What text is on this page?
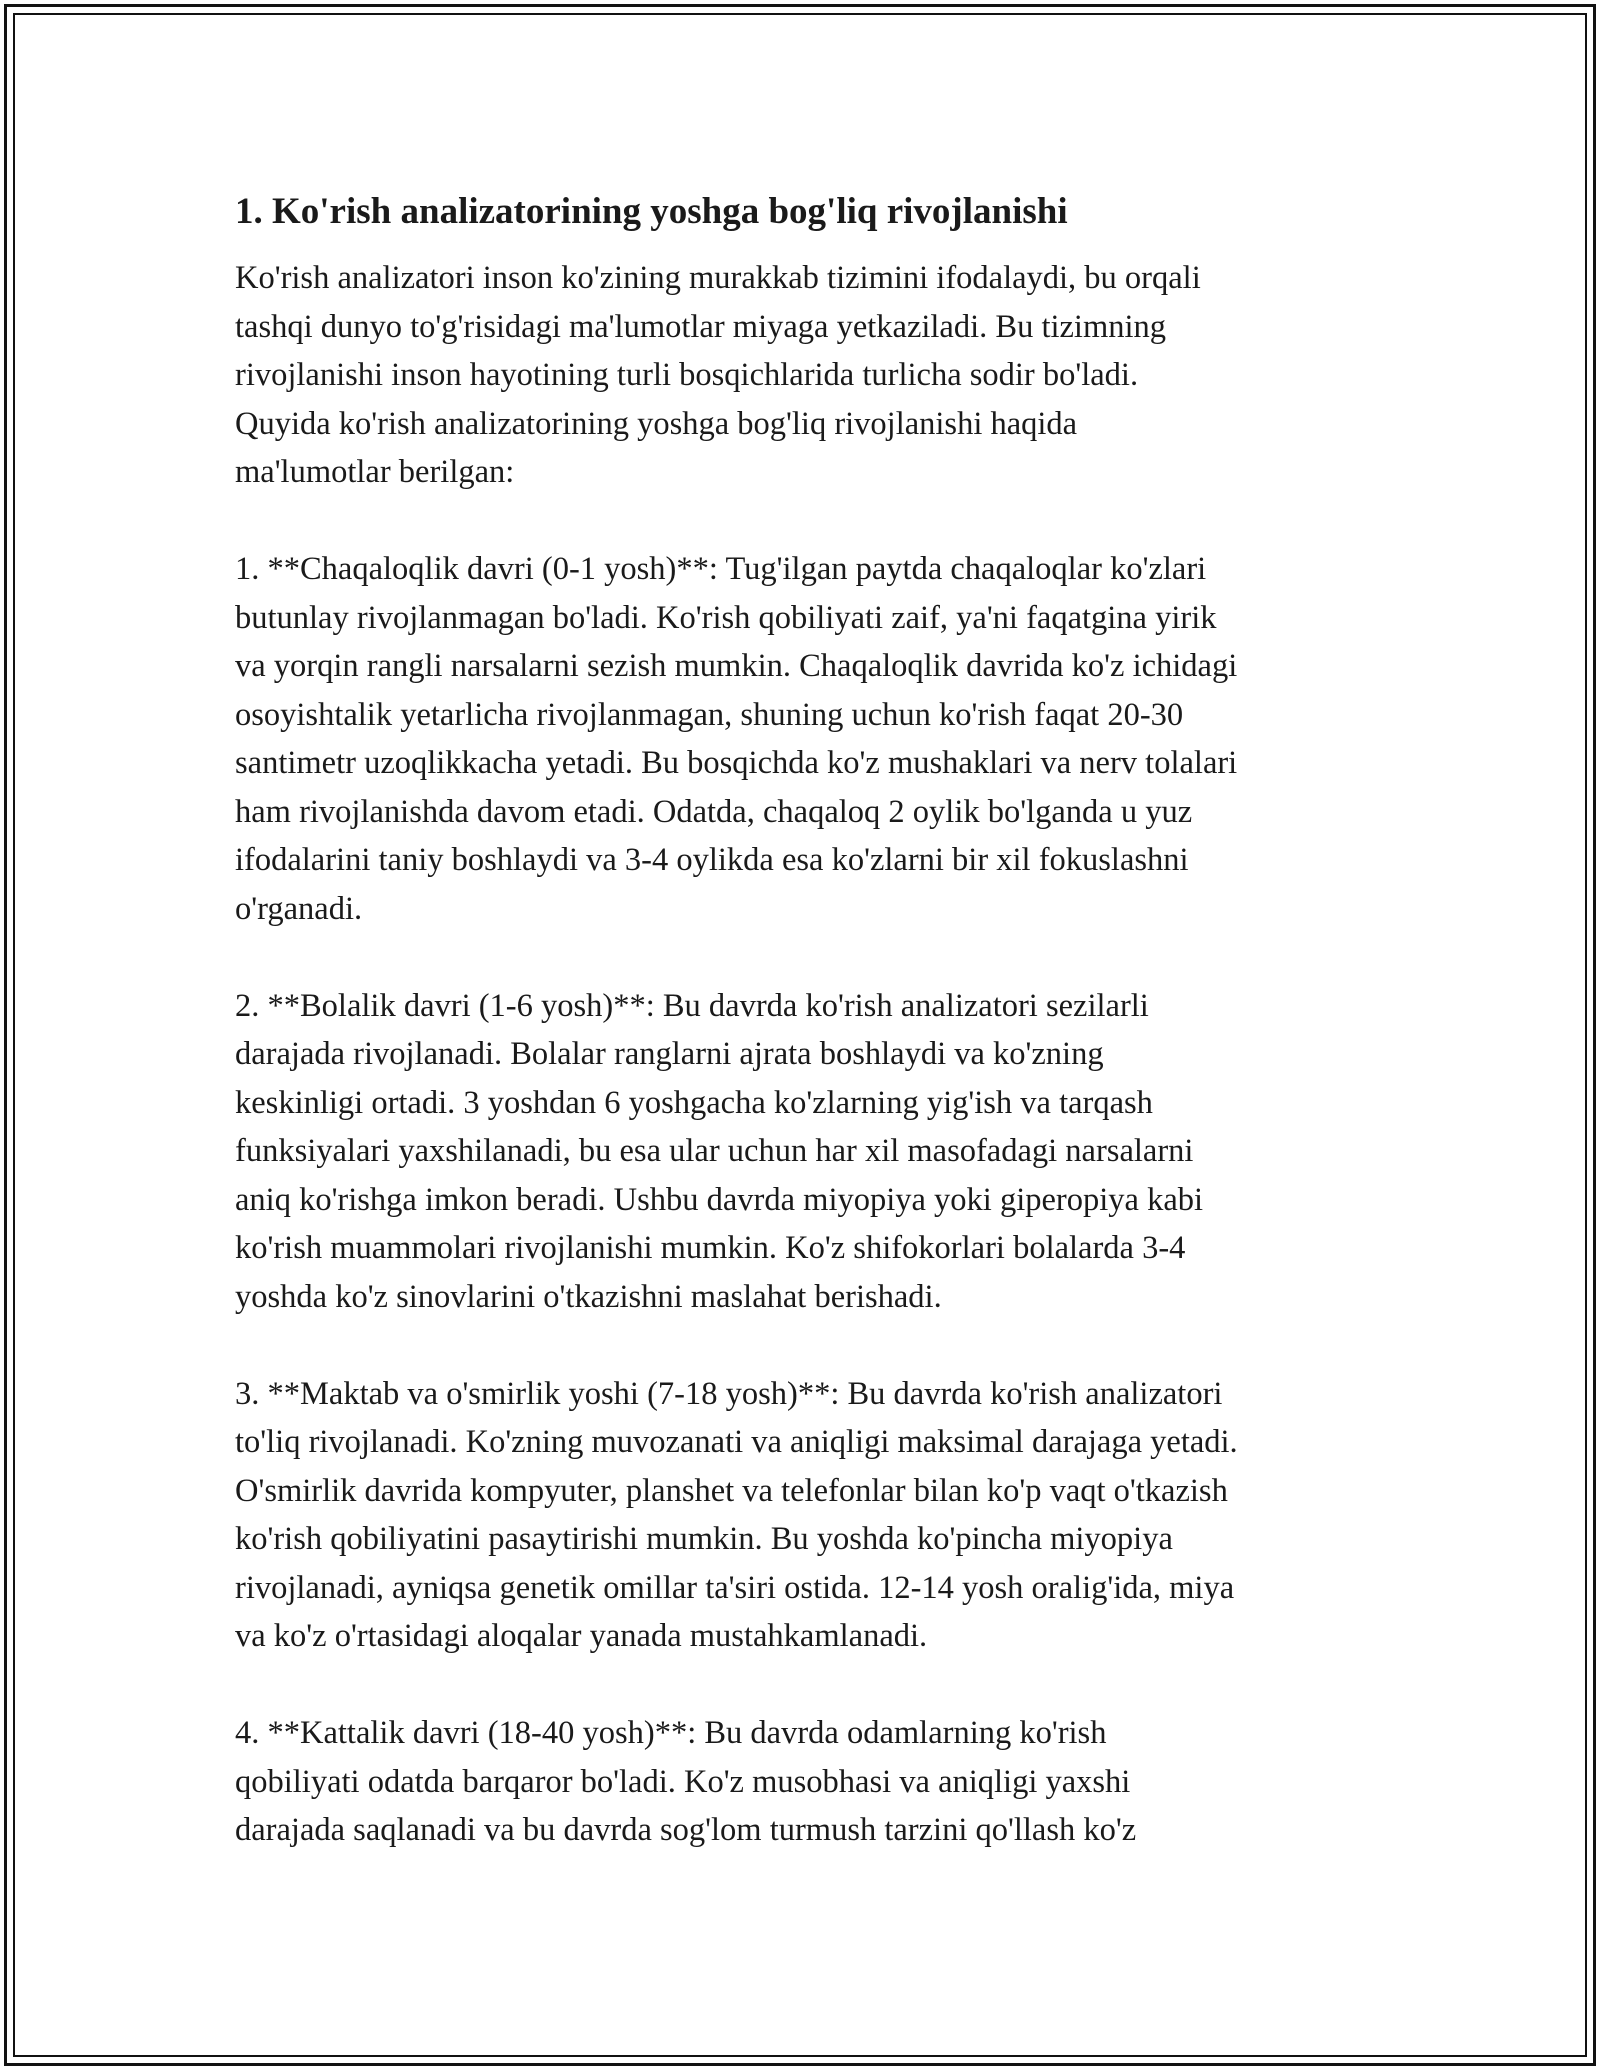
1. Ko'rish analizatorining yoshga bog'liq rivojlanishi
Ko'rish analizatori inson ko'zining murakkab tizimini ifodalaydi, bu orqali
tashqi dunyo to'g'risidagi ma'lumotlar miyaga yetkaziladi. Bu tizimning
rivojlanishi inson hayotining turli bosqichlarida turlicha sodir bo'ladi.
Quyida ko'rish analizatorining yoshga bog'liq rivojlanishi haqida
ma'lumotlar berilgan:
1. **Chaqaloqlik davri (0-1 yosh)**: Tug'ilgan paytda chaqaloqlar ko'zlari
butunlay rivojlanmagan bo'ladi. Ko'rish qobiliyati zaif, ya'ni faqatgina yirik
va yorqin rangli narsalarni sezish mumkin. Chaqaloqlik davrida ko'z ichidagi
osoyishtalik yetarlicha rivojlanmagan, shuning uchun ko'rish faqat 20-30
santimetr uzoqlikkacha yetadi. Bu bosqichda ko'z mushaklari va nerv tolalari
ham rivojlanishda davom etadi. Odatda, chaqaloq 2 oylik bo'lganda u yuz
ifodalarini taniy boshlaydi va 3-4 oylikda esa ko'zlarni bir xil fokuslashni
o'rganadi.
2. **Bolalik davri (1-6 yosh)**: Bu davrda ko'rish analizatori sezilarli
darajada rivojlanadi. Bolalar ranglarni ajrata boshlaydi va ko'zning
keskinligi ortadi. 3 yoshdan 6 yoshgacha ko'zlarning yig'ish va tarqash
funksiyalari yaxshilanadi, bu esa ular uchun har xil masofadagi narsalarni
aniq ko'rishga imkon beradi. Ushbu davrda miyopiya yoki giperopiya kabi
ko'rish muammolari rivojlanishi mumkin. Ko'z shifokorlari bolalarda 3-4
yoshda ko'z sinovlarini o'tkazishni maslahat berishadi.
3. **Maktab va o'smirlik yoshi (7-18 yosh)**: Bu davrda ko'rish analizatori
to'liq rivojlanadi. Ko'zning muvozanati va aniqligi maksimal darajaga yetadi.
O'smirlik davrida kompyuter, planshet va telefonlar bilan ko'p vaqt o'tkazish
ko'rish qobiliyatini pasaytirishi mumkin. Bu yoshda ko'pincha miyopiya
rivojlanadi, ayniqsa genetik omillar ta'siri ostida. 12-14 yosh oralig'ida, miya
va ko'z o'rtasidagi aloqalar yanada mustahkamlanadi.
4. **Kattalik davri (18-40 yosh)**: Bu davrda odamlarning ko'rish
qobiliyati odatda barqaror bo'ladi. Ko'z musobhasi va aniqligi yaxshi
darajada saqlanadi va bu davrda sog'lom turmush tarzini qo'llash ko'z
